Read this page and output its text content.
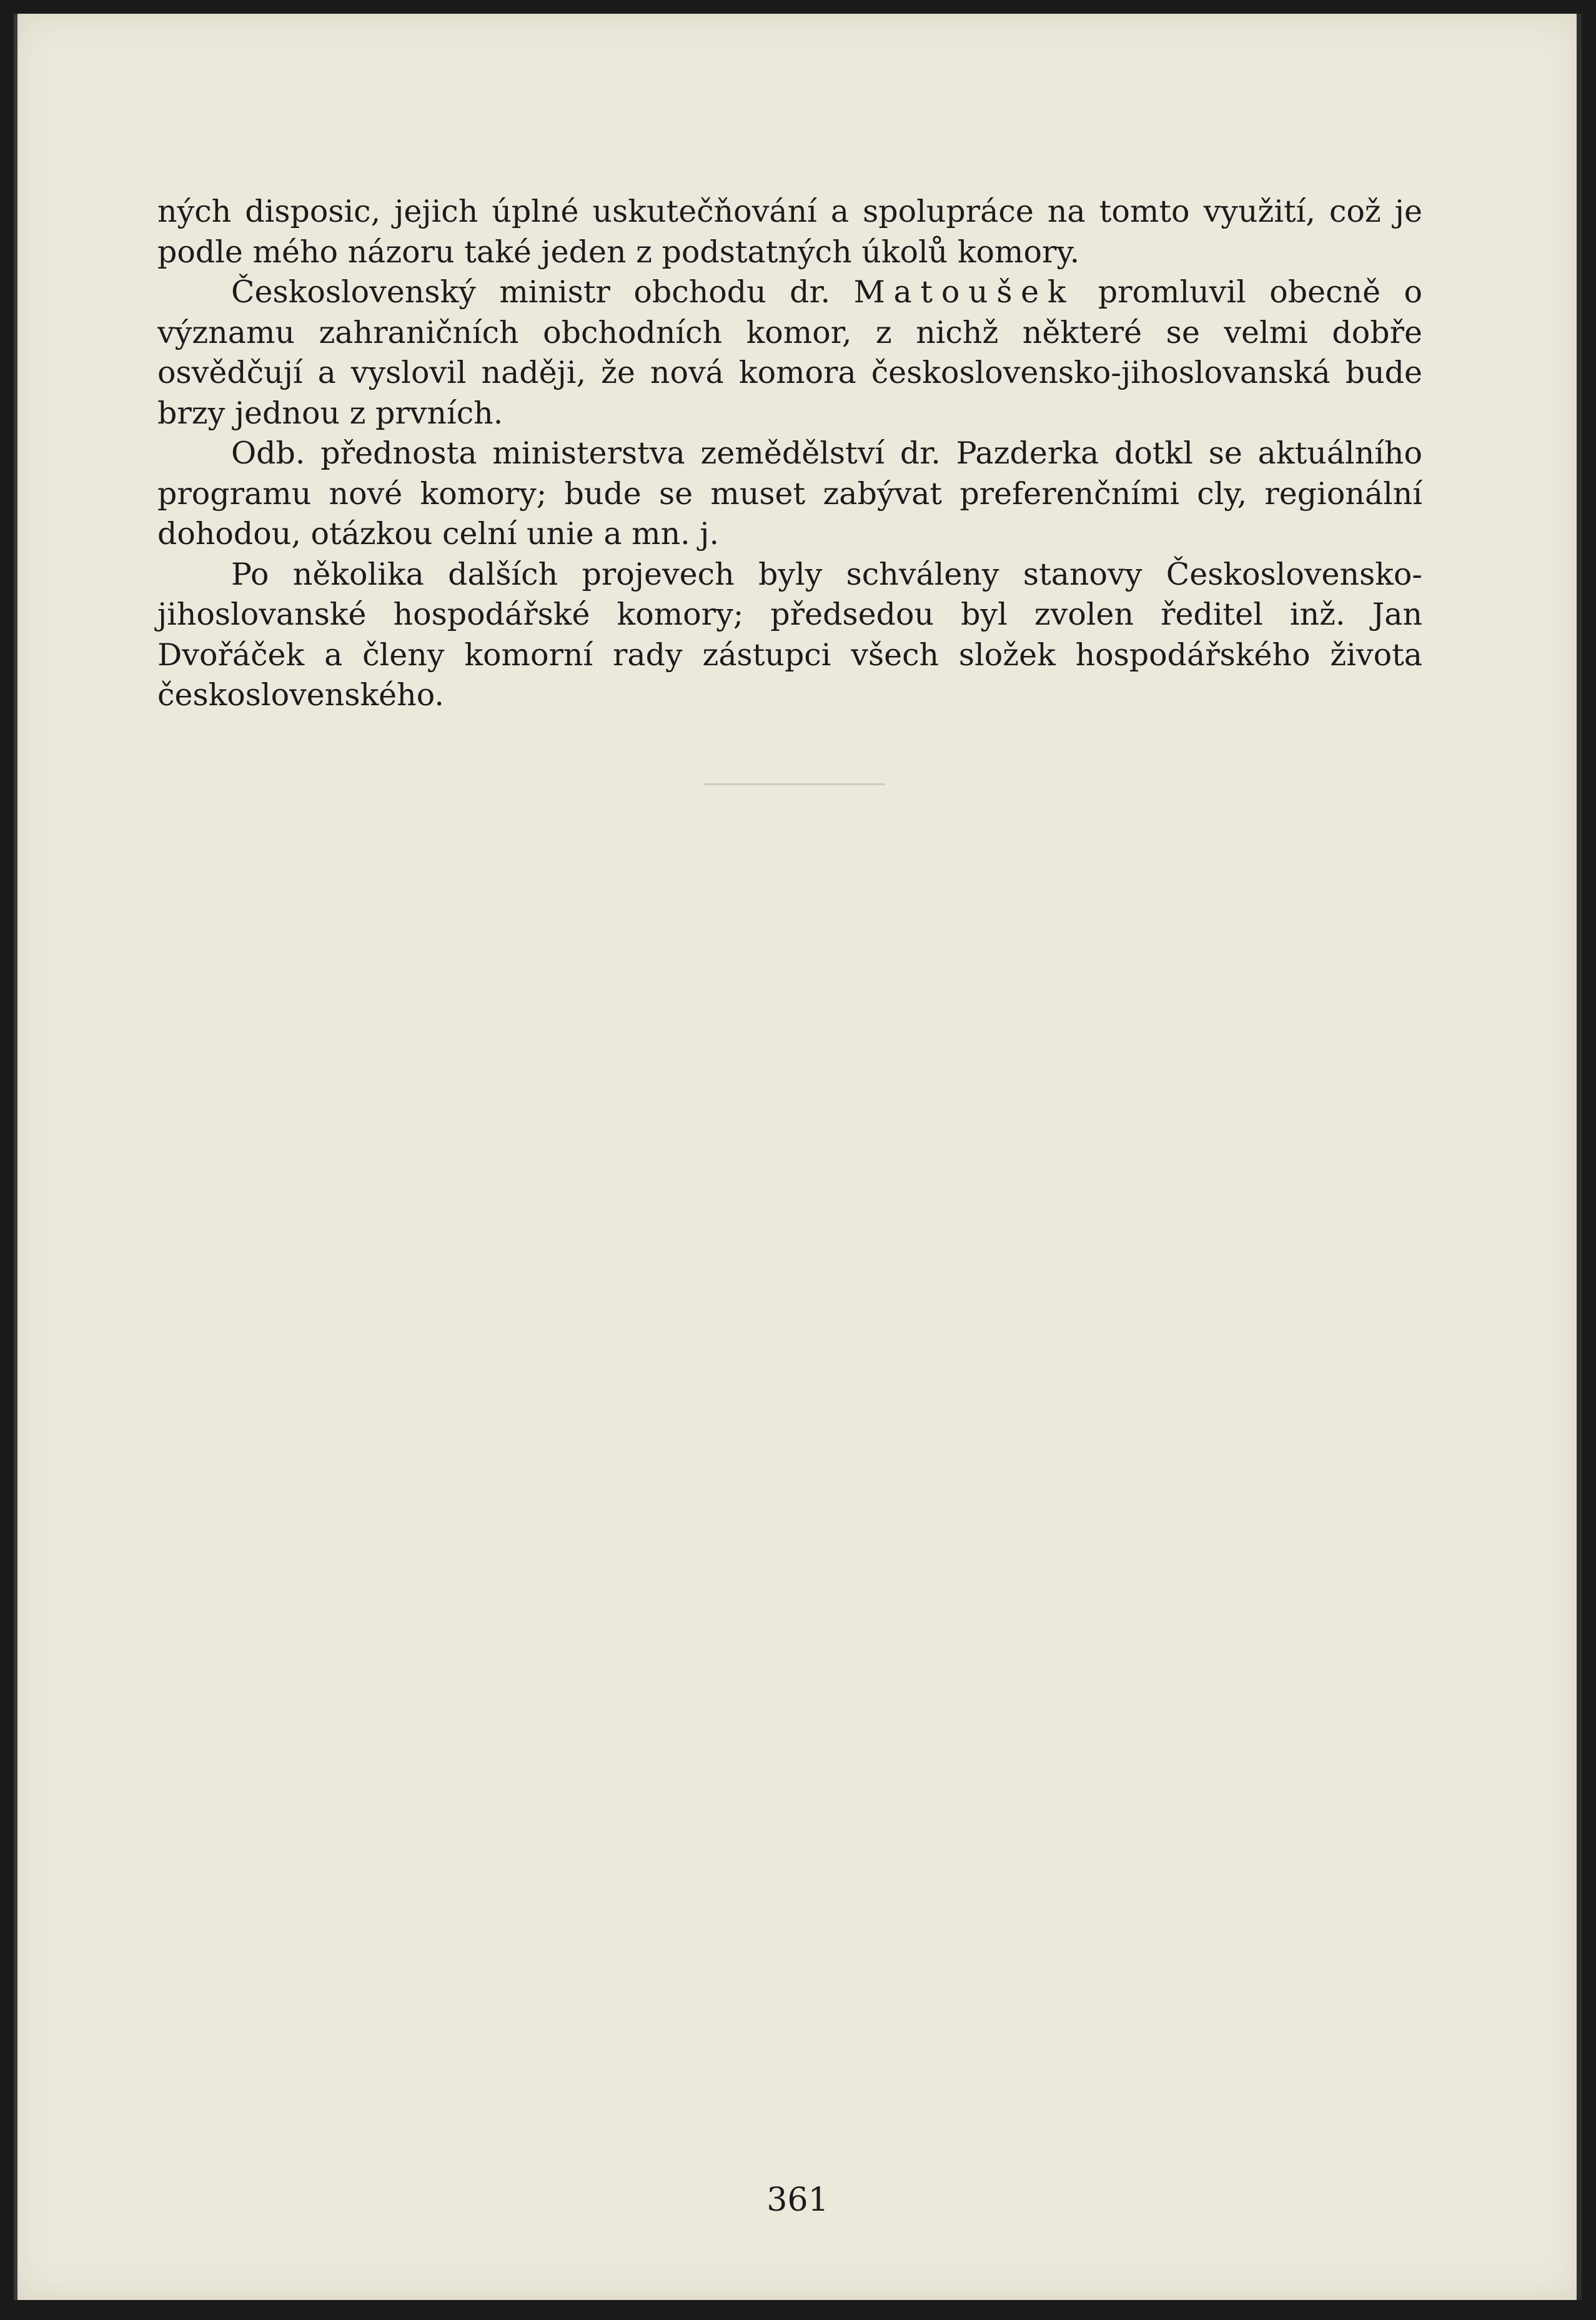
ných disposic, jejich úplné uskutečňování a spolupráce na tomto využití, což je podle mého názoru také jeden z podstatných úkolů komory.

Československý ministr obchodu dr. Matoušek promluvil obecně o významu zahraničních obchodních komor, z nichž některé se velmi dobře osvědčují a vyslovil naději, že nová komora československo-jihoslovanská bude brzy jednou z prvních.

Odb. přednosta ministerstva zemědělství dr. Pazderka dotkl se aktuálního programu nové komory; bude se muset zabývat preferenčními cly, regionální dohodou, otázkou celní unie a mn. j.

Po několika dalších projevech byly schváleny stanovy Československo-jihoslovanské hospodářské komory; předsedou byl zvolen ředitel inž. Jan Dvořáček a členy komorní rady zástupci všech složek hospodářského života československého.

361
